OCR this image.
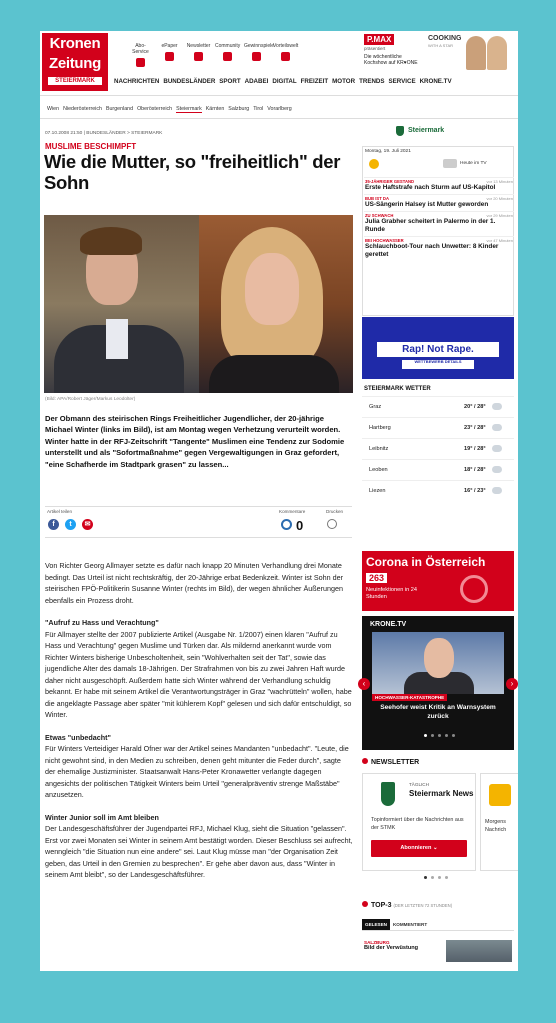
Kronen
Zeitung
STEIERMARK
Abo-Service
ePaper	Newsletter Community Gewinnspiele
Vorteilswelt
P.MAX
präsentiert
Die wöchentliche Kochshow auf KR♥ONE
COOKING
WITH A STAR
NACHRICHTEN BUNDESLÄNDER SPORT ADABEI DIGITAL FREIZEIT MOTOR TRENDS SERVICE KRONE.TV
Wien Niederösterreich Burgenland Oberösterreich Steiermark Kärnten Salzburg Tirol Vorarlberg
07.10.2008 21:50 | BUNDESLÄNDER > STEIERMARK
MUSLIME BESCHIMPFT
Wie die Mutter, so "freiheitlich" der Sohn
(Bild: APA/Robert Jäger/Markus Leodolter)

Der Obmann des steirischen Rings Freiheitlicher Jugendlicher, der 20-jährige Michael Winter (links im Bild), ist am Montag wegen Verhetzung verurteilt worden. Winter hatte in der RFJ-Zeitschrift "Tangente" Muslimen eine Tendenz zur Sodomie unterstellt und als "Sofortmaßnahme" gegen Vergewaltigungen in Graz gefordert, "eine Schafherde im Stadtpark grasen" zu lassen...

Artikel teilen
f	t	✉
Kommentare
0
Drucken

Von Richter Georg Allmayer setzte es dafür nach knapp 20 Minuten Verhandlung drei Monate bedingt. Das Urteil ist nicht rechtskräftig, der 20-Jährige erbat Bedenkzeit. Winter ist Sohn der steirischen FPÖ-Politikerin Susanne Winter (rechts im Bild), der wegen ähnlicher Äußerungen ebenfalls ein Prozess droht.

"Aufruf zu Hass und Verachtung"
Für Allmayer stellte der 2007 publizierte Artikel (Ausgabe Nr. 1/2007) einen klaren "Aufruf zu Hass und Verachtung" gegen Muslime und Türken dar. Als mildernd anerkannt wurde vom Richter Winters bisherige Unbescholtenheit, sein "Wohlverhalten seit der Tat", sowie das jugendliche Alter des damals 18-Jährigen. Der Strafrahmen von bis zu zwei Jahren Haft wurde daher nicht ausgeschöpft. Außerdem hatte sich Winter während der Verhandlung schuldig bekannt. Er habe mit seinem Artikel die Verantwortungsträger in Graz "wachrütteln" wollen, habe die angeklagte Passage aber später "mit kühlerem Kopf" gelesen und sich dafür entschuldigt, so Winter.

Etwas "unbedacht"
Für Winters Verteidiger Harald Ofner war der Artikel seines Mandanten "unbedacht". "Leute, die nicht gewohnt sind, in den Medien zu schreiben, denen geht mitunter die Feder durch", sagte der ehemalige Justizminister. Staatsanwalt Hans-Peter Kronawetter verlangte dagegen angesichts der politischen Tätigkeit Winters beim Urteil "generalpräventiv strenge Maßstäbe" anzusetzen.

Winter Junior soll im Amt bleiben
Der Landesgeschäftsführer der Jugendpartei RFJ, Michael Klug, sieht die Situation "gelassen". Erst vor zwei Monaten sei Winter in seinem Amt bestätigt worden. Dieser Beschluss sei aufrecht, wenngleich "die Situation nun eine andere" sei. Laut Klug müsse man "der Organisation Zeit geben, das Urteil in den Gremien zu besprechen". Er gehe aber davon aus, dass "Winter in seinem Amt bleibt", so der Landesgeschäftsführer.

Steiermark
Montag, 19. Juli 2021
Heute im TV
35-JÄHRIGER GESTAND	vor 13 Minuten
Erste Haftstrafe nach Sturm auf US-Kapitol
BUB IST DA	vor 20 Minuten
US-Sängerin Halsey ist Mutter geworden
ZU SCHWACH	vor 29 Minuten
Julia Grabher scheitert in Palermo in der 1. Runde
BEI HOCHWASSER	vor 47 Minuten
Schlauchboot-Tour nach Unwetter: 8 Kinder gerettet
Rap! Not Rape.
WETTBEWERB DETAILS
STEIERMARK WETTER
Graz	20° / 28°
Hartberg	23° / 28°
Leibnitz	19° / 28°
Leoben	18° / 28°
Liezen	16° / 23°
Corona in Österreich
263
Neuinfektionen in 24 Stunden
KRONE.TV
HOCHWASSER-KATASTROPHE
Seehofer weist Kritik an Warnsystem zurück
‹	›
NEWSLETTER
TÄGLICH
Steiermark News
Topinformiert über die Nachrichten aus der STMK
Abonnieren ⌄
Morgens Nachrich
TOP-3 (DER LETZTEN 72 STUNDEN)
GELESEN	KOMMENTIERT
SALZBURG
Bild der Verwüstung
